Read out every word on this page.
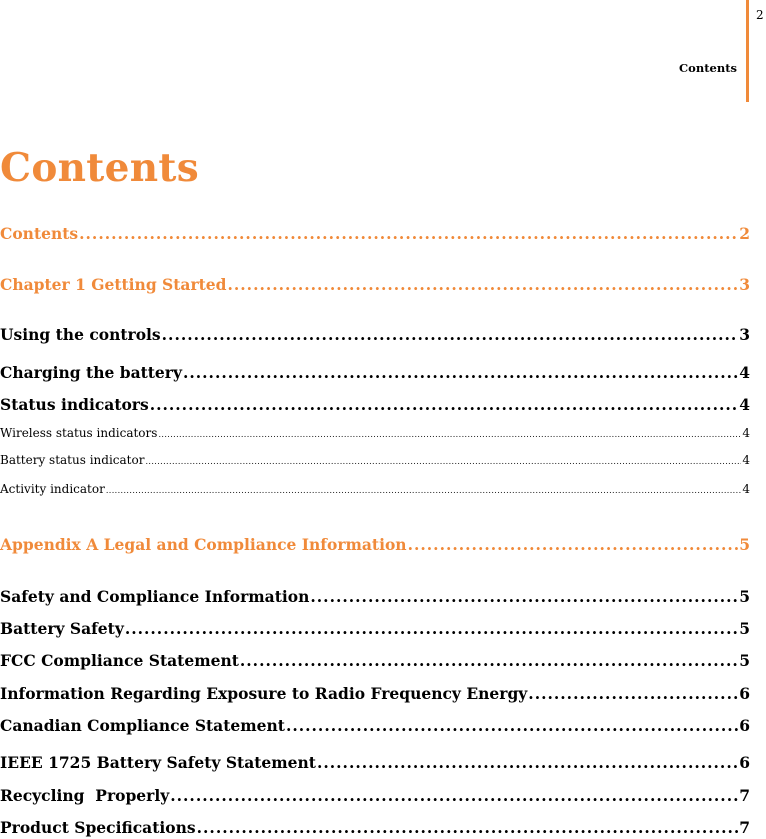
2
Contents
Contents
Contents .....	2
Chapter 1 Getting Started .....	3
Using the controls .....	3
Charging the battery .....	4
Status indicators .....	4
Wireless status indicators .....	4
Battery status indicator .....	4
Activity indicator .....	4
Appendix A Legal and Compliance Information .....	5
Safety and Compliance Information .....	5
Battery Safety .....	5
FCC Compliance Statement .....	5
Information Regarding Exposure to Radio Frequency Energy .....	6
Canadian Compliance Statement .....	6
IEEE 1725 Battery Safety Statement .....	6
Recycling  Properly .....	7
Product Specifications .....	7
